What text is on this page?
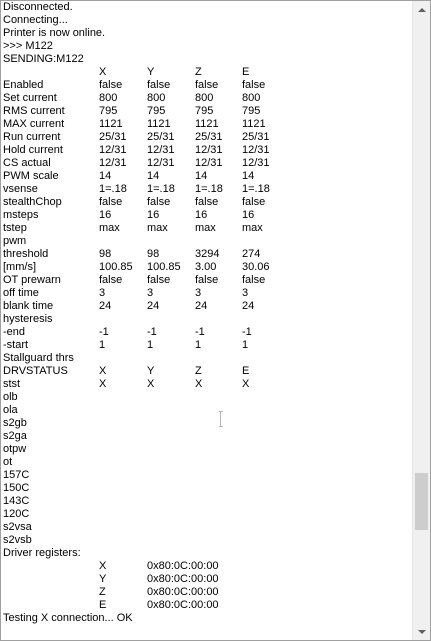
Disconnected.
Connecting...
Printer is now online.
>>> M122
SENDING:M122
X	Y	Z	E
Enabled	false false false false
Set current	800	800	800	800
RMS current	795	795	795	795
MAX current	1121 1121 1121 1121
Run current	25/31 25/31 25/31 25/31
Hold current	12/31 12/31 12/31 12/31
CS actual	12/31 12/31 12/31 12/31
PWM scale	14	14	14	14
vsense	1=.18 1=.18 1=.18 1=.18
stealthChop	false false false false
msteps	16	16	16	16
tstep	max max max max
pwm
threshold	98	98	3294 274
[mm/s]	100.85 100.85 3.00 30.06
OT prewarn	false false false false
off time	3	3	3	3
blank time	24	24	24	24
hysteresis
-end	-1	-1	-1	-1
-start	1	1	1	1
Stallguard thrs
DRVSTATUS	X	Y	Z	E
stst	X	X	X	X
olb
ola
s2gb
s2ga
otpw
ot
157C
150C
143C
120C
s2vsa
s2vsb
Driver registers:
X	0x80:0C:00:00
Y	0x80:0C:00:00
Z	0x80:0C:00:00
E	0x80:0C:00:00
Testing X connection... OK
